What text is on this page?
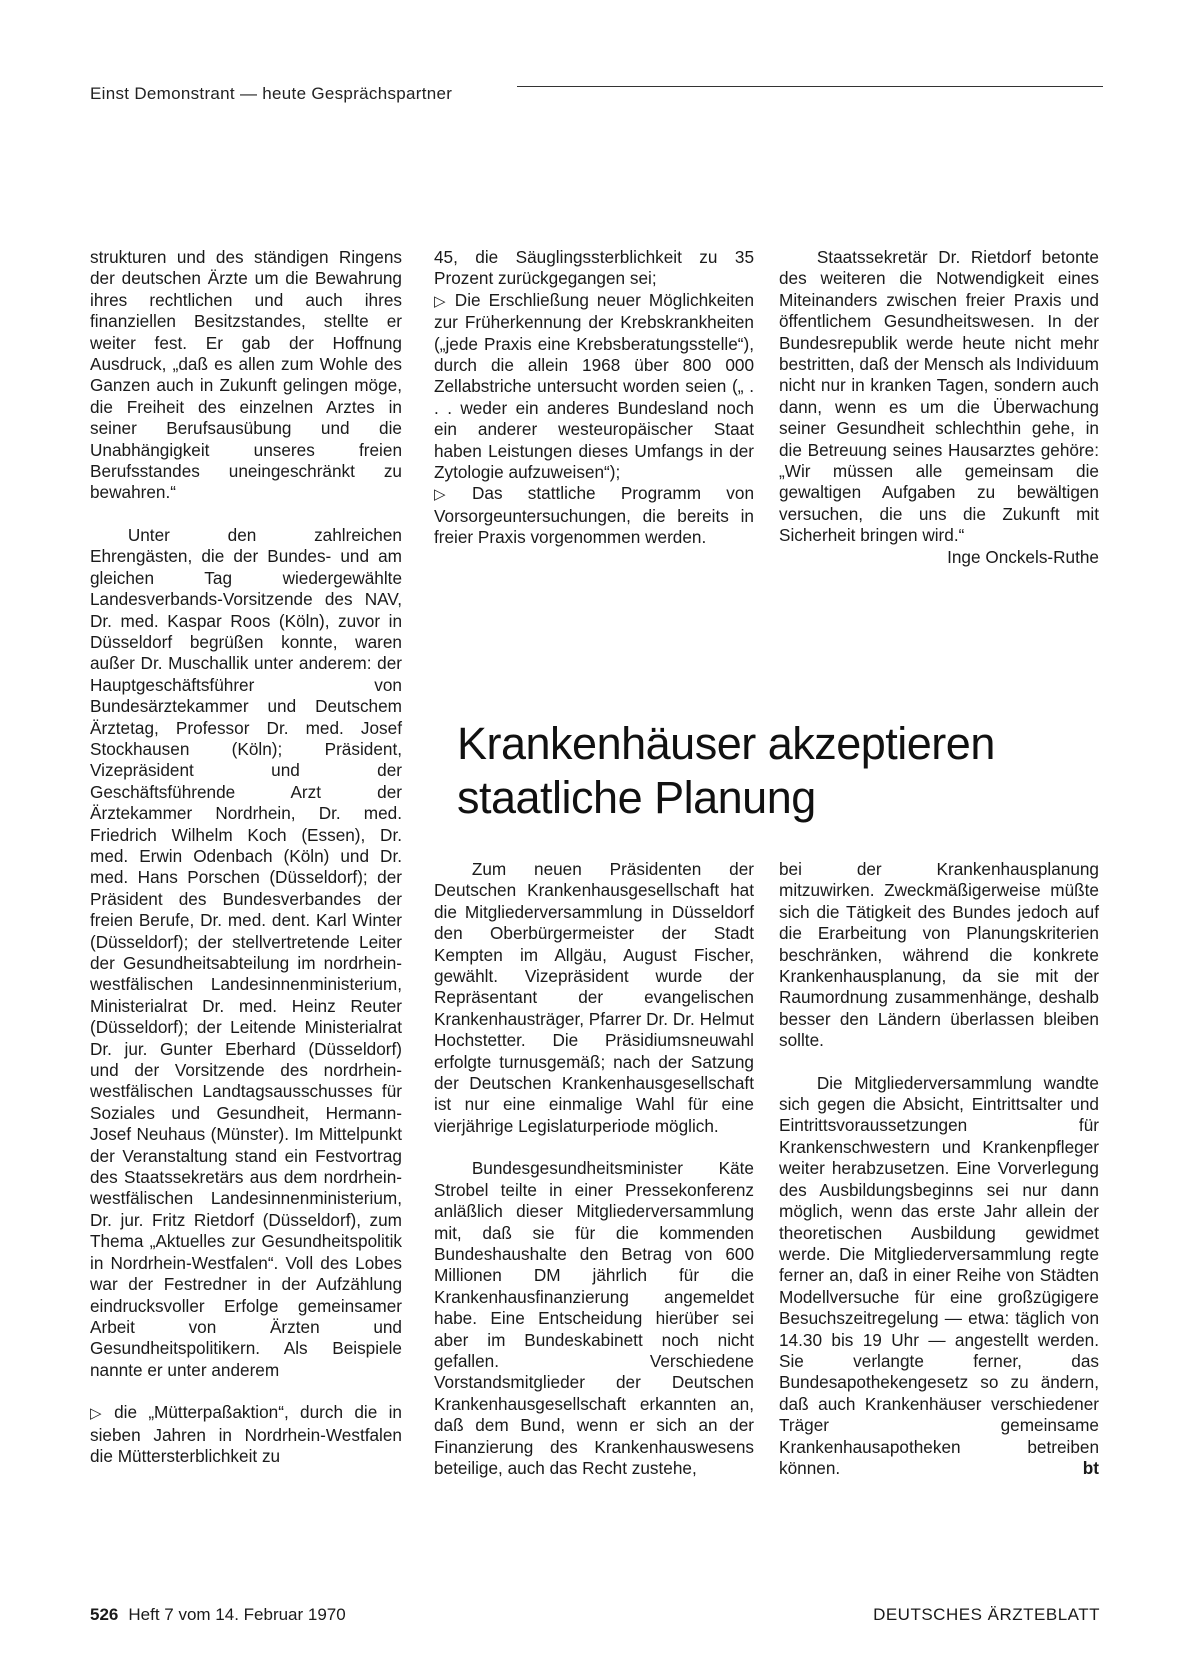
Einst Demonstrant — heute Gesprächspartner

strukturen und des ständigen Ringens der deutschen Ärzte um die Bewahrung ihres rechtlichen und auch ihres finanziellen Besitzstandes, stellte er weiter fest. Er gab der Hoffnung Ausdruck, „daß es allen zum Wohle des Ganzen auch in Zukunft gelingen möge, die Freiheit des einzelnen Arztes in seiner Berufsausübung und die Unabhängigkeit unseres freien Berufsstandes uneingeschränkt zu bewahren.“

Unter den zahlreichen Ehrengästen, die der Bundes- und am gleichen Tag wiedergewählte Landesverbands-Vorsitzende des NAV, Dr. med. Kaspar Roos (Köln), zuvor in Düsseldorf begrüßen konnte, waren außer Dr. Muschallik unter anderem: der Hauptgeschäftsführer von Bundesärztekammer und Deutschem Ärztetag, Professor Dr. med. Josef Stockhausen (Köln); Präsident, Vizepräsident und der Geschäftsführende Arzt der Ärztekammer Nordrhein, Dr. med. Friedrich Wilhelm Koch (Essen), Dr. med. Erwin Odenbach (Köln) und Dr. med. Hans Porschen (Düsseldorf); der Präsident des Bundesverbandes der freien Berufe, Dr. med. dent. Karl Winter (Düsseldorf); der stellvertretende Leiter der Gesundheitsabteilung im nordrhein-westfälischen Landesinnenministerium, Ministerialrat Dr. med. Heinz Reuter (Düsseldorf); der Leitende Ministerialrat Dr. jur. Gunter Eberhard (Düsseldorf) und der Vorsitzende des nordrhein-westfälischen Landtagsausschusses für Soziales und Gesundheit, Hermann-Josef Neuhaus (Münster). Im Mittelpunkt der Veranstaltung stand ein Festvortrag des Staatssekretärs aus dem nordrhein-westfälischen Landesinnenministerium, Dr. jur. Fritz Rietdorf (Düsseldorf), zum Thema „Aktuelles zur Gesundheitspolitik in Nordrhein-Westfalen“. Voll des Lobes war der Festredner in der Aufzählung eindrucksvoller Erfolge gemeinsamer Arbeit von Ärzten und Gesundheitspolitikern. Als Beispiele nannte er unter anderem

▷ die „Mütterpaßaktion“, durch die in sieben Jahren in Nordrhein-Westfalen die Müttersterblichkeit zu

45, die Säuglingssterblichkeit zu 35 Prozent zurückgegangen sei;

▷ Die Erschließung neuer Möglichkeiten zur Früherkennung der Krebskrankheiten („jede Praxis eine Krebsberatungsstelle“), durch die allein 1968 über 800 000 Zellabstriche untersucht worden seien („ . . . weder ein anderes Bundesland noch ein anderer westeuropäischer Staat haben Leistungen dieses Umfangs in der Zytologie aufzuweisen“);

▷ Das stattliche Programm von Vorsorgeuntersuchungen, die bereits in freier Praxis vorgenommen werden.

Staatssekretär Dr. Rietdorf betonte des weiteren die Notwendigkeit eines Miteinanders zwischen freier Praxis und öffentlichem Gesundheitswesen. In der Bundesrepublik werde heute nicht mehr bestritten, daß der Mensch als Individuum nicht nur in kranken Tagen, sondern auch dann, wenn es um die Überwachung seiner Gesundheit schlechthin gehe, in die Betreuung seines Hausarztes gehöre: „Wir müssen alle gemeinsam die gewaltigen Aufgaben zu bewältigen versuchen, die uns die Zukunft mit Sicherheit bringen wird.“

Inge Onckels-Ruthe

Krankenhäuser akzeptieren
staatliche Planung

Zum neuen Präsidenten der Deutschen Krankenhausgesellschaft hat die Mitgliederversammlung in Düsseldorf den Oberbürgermeister der Stadt Kempten im Allgäu, August Fischer, gewählt. Vizepräsident wurde der Repräsentant der evangelischen Krankenhausträger, Pfarrer Dr. Dr. Helmut Hochstetter. Die Präsidiumsneuwahl erfolgte turnusgemäß; nach der Satzung der Deutschen Krankenhausgesellschaft ist nur eine einmalige Wahl für eine vierjährige Legislaturperiode möglich.

Bundesgesundheitsminister Käte Strobel teilte in einer Pressekonferenz anläßlich dieser Mitgliederversammlung mit, daß sie für die kommenden Bundeshaushalte den Betrag von 600 Millionen DM jährlich für die Krankenhausfinanzierung angemeldet habe. Eine Entscheidung hierüber sei aber im Bundeskabinett noch nicht gefallen. Verschiedene Vorstandsmitglieder der Deutschen Krankenhausgesellschaft erkannten an, daß dem Bund, wenn er sich an der Finanzierung des Krankenhauswesens beteilige, auch das Recht zustehe,

bei der Krankenhausplanung mitzuwirken. Zweckmäßigerweise müßte sich die Tätigkeit des Bundes jedoch auf die Erarbeitung von Planungskriterien beschränken, während die konkrete Krankenhausplanung, da sie mit der Raumordnung zusammenhänge, deshalb besser den Ländern überlassen bleiben sollte.

Die Mitgliederversammlung wandte sich gegen die Absicht, Eintrittsalter und Eintrittsvoraussetzungen für Krankenschwestern und Krankenpfleger weiter herabzusetzen. Eine Vorverlegung des Ausbildungsbeginns sei nur dann möglich, wenn das erste Jahr allein der theoretischen Ausbildung gewidmet werde. Die Mitgliederversammlung regte ferner an, daß in einer Reihe von Städten Modellversuche für eine großzügigere Besuchszeitregelung — etwa: täglich von 14.30 bis 19 Uhr — angestellt werden. Sie verlangte ferner, das Bundesapothekengesetz so zu ändern, daß auch Krankenhäuser verschiedener Träger gemeinsame Krankenhausapotheken betreiben können.	bt

526 Heft 7 vom 14. Februar 1970	DEUTSCHES ÄRZTEBLATT
